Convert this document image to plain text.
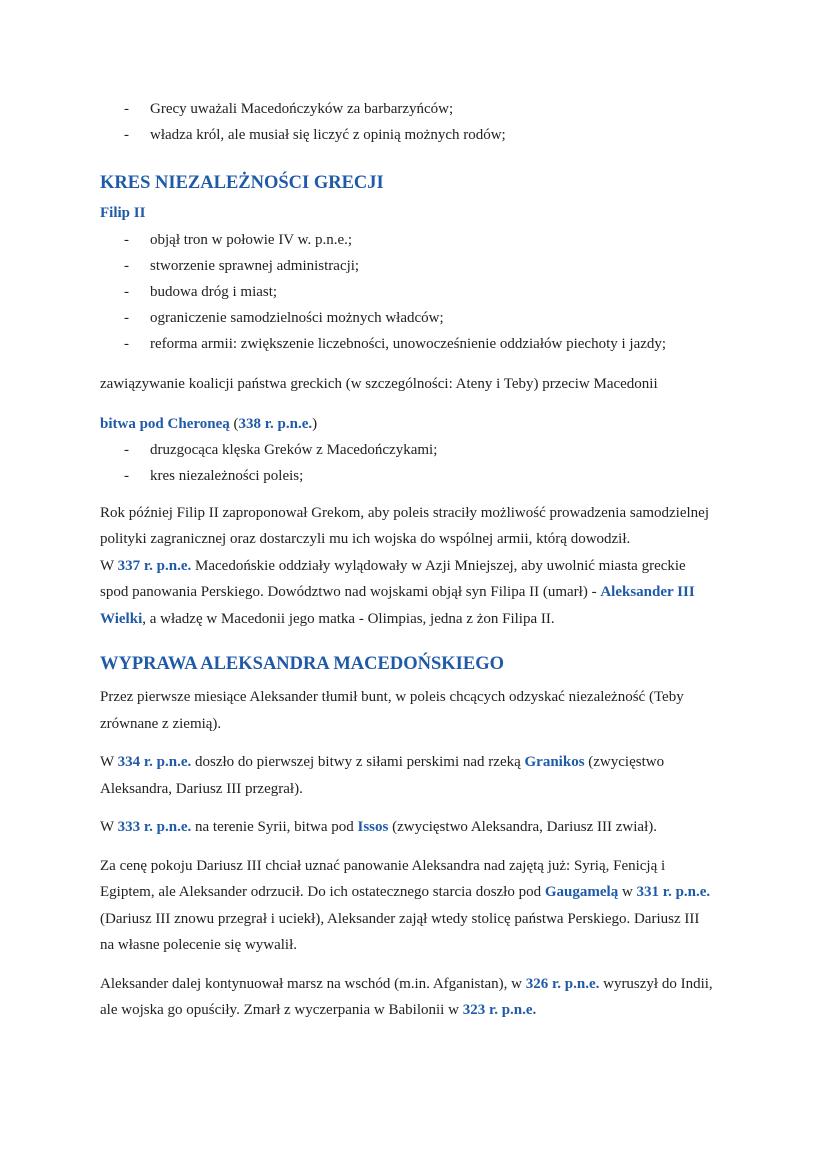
- Grecy uważali Macedończyków za barbarzyńców;
- władza król, ale musiał się liczyć z opinią możnych rodów;
KRES NIEZALEŻNOŚCI GRECJI
Filip II
- objął tron w połowie IV w. p.n.e.;
- stworzenie sprawnej administracji;
- budowa dróg i miast;
- ograniczenie samodzielności możnych władców;
- reforma armii: zwiększenie liczebności, unowocześnienie oddziałów piechoty i jazdy;

zawiązywanie koalicji państwa greckich (w szczególności: Ateny i Teby) przeciw Macedonii

bitwa pod Cheroneą (338 r. p.n.e.)
- druzgocąca klęska Greków z Macedończykami;
- kres niezależności poleis;
Rok później Filip II zaproponował Grekom, aby poleis straciły możliwość prowadzenia samodzielnej
polityki zagranicznej oraz dostarczyli mu ich wojska do wspólnej armii, którą dowodził.
W 337 r. p.n.e. Macedońskie oddziały wylądowały w Azji Mniejszej, aby uwolnić miasta greckie
spod panowania Perskiego. Dowództwo nad wojskami objął syn Filipa II (umarł) - Aleksander III
Wielki, a władzę w Macedonii jego matka - Olimpias, jedna z żon Filipa II.
WYPRAWA ALEKSANDRA MACEDOŃSKIEGO
Przez pierwsze miesiące Aleksander tłumił bunt, w poleis chcących odzyskać niezależność (Teby
zrównane z ziemią).
W 334 r. p.n.e. doszło do pierwszej bitwy z siłami perskimi nad rzeką Granikos (zwycięstwo
Aleksandra, Dariusz III przegrał).
W 333 r. p.n.e. na terenie Syrii, bitwa pod Issos (zwycięstwo Aleksandra, Dariusz III zwiał).
Za cenę pokoju Dariusz III chciał uznać panowanie Aleksandra nad zajętą już: Syrią, Fenicją i
Egiptem, ale Aleksander odrzucił. Do ich ostatecznego starcia doszło pod Gaugamelą w 331 r. p.n.e.
(Dariusz III znowu przegrał i uciekł), Aleksander zajął wtedy stolicę państwa Perskiego. Dariusz III
na własne polecenie się wywalił.
Aleksander dalej kontynuował marsz na wschód (m.in. Afganistan), w 326 r. p.n.e. wyruszył do Indii,
ale wojska go opuściły. Zmarł z wyczerpania w Babilonii w 323 r. p.n.e.
